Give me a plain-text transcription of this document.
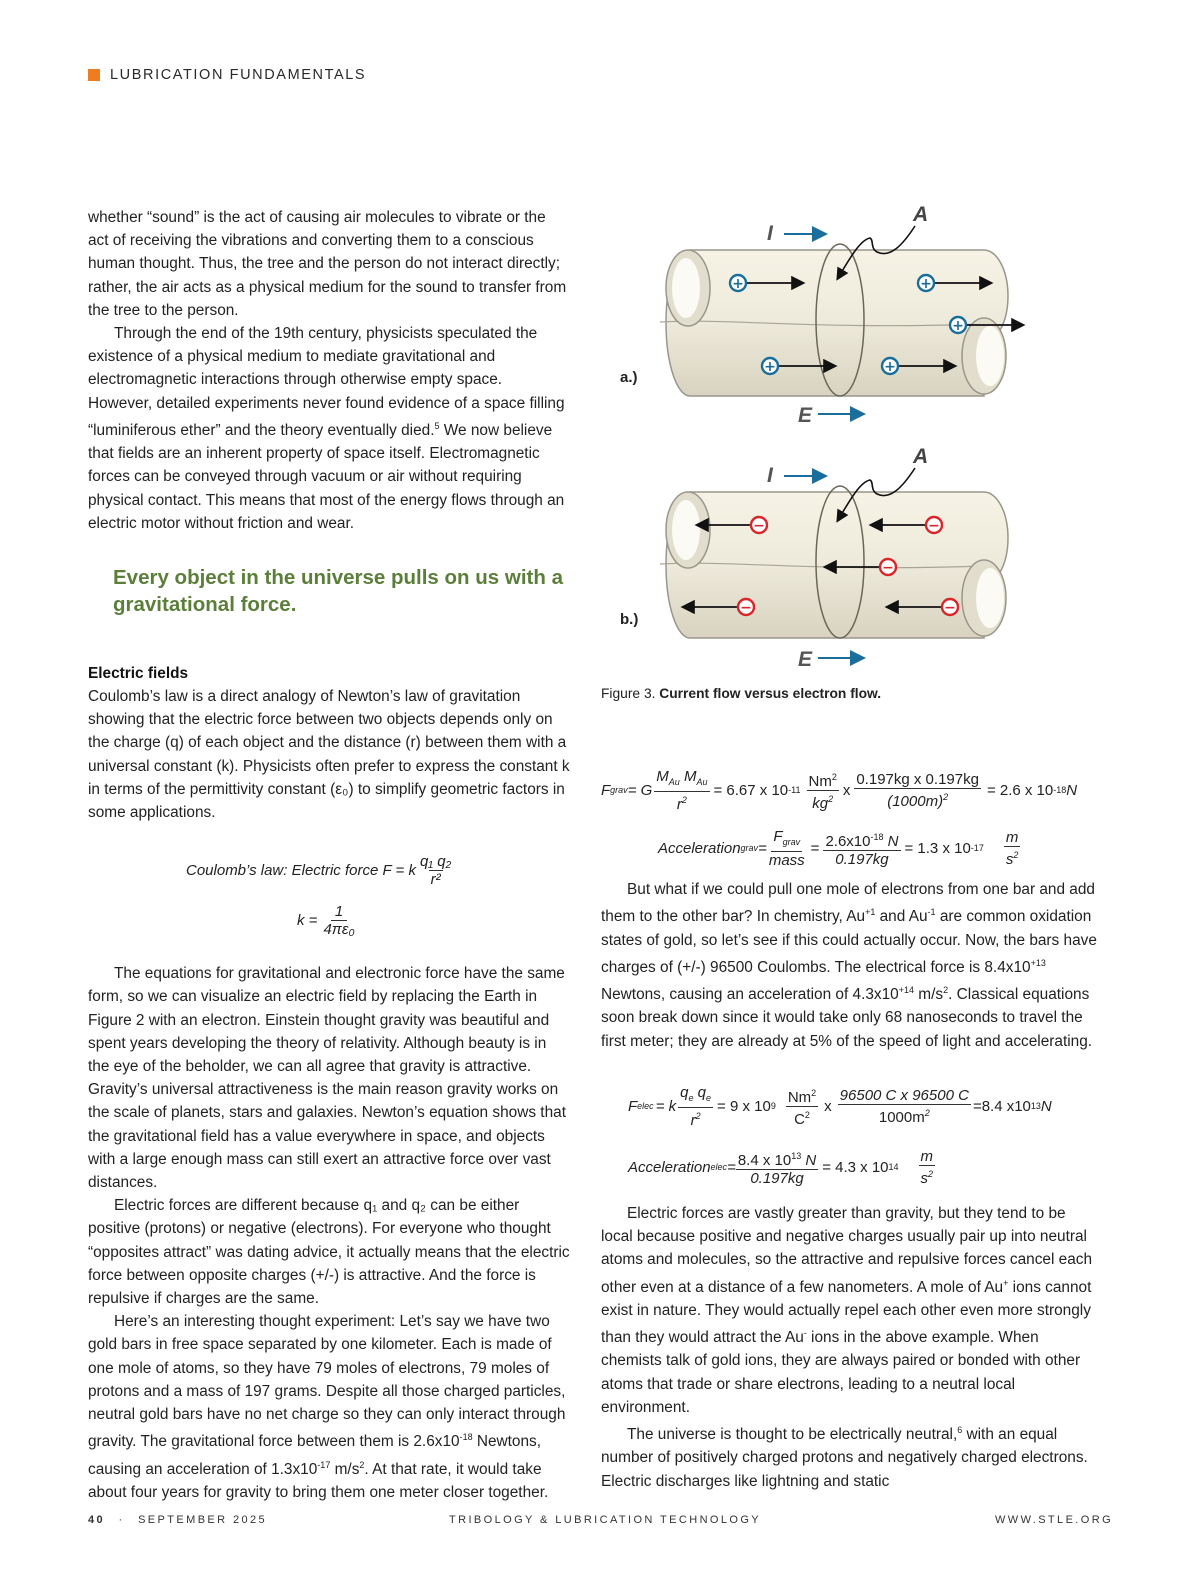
LUBRICATION FUNDAMENTALS

whether “sound” is the act of causing air molecules to vibrate or the act of receiving the vibrations and converting them to a conscious human thought. Thus, the tree and the person do not interact directly; rather, the air acts as a physical medium for the sound to transfer from the tree to the person.

Through the end of the 19th century, physicists speculated the existence of a physical medium to mediate gravitational and electromagnetic interactions through otherwise empty space. However, detailed experiments never found evidence of a space filling “luminiferous ether” and the theory eventually died.$^5$ We now believe that fields are an inherent property of space itself. Electromagnetic forces can be conveyed through vacuum or air without requiring physical contact. This means that most of the energy flows through an electric motor without friction and wear.

Every object in the universe pulls on us with a gravitational force.
Electric fields

Coulomb’s law is a direct analogy of Newton’s law of gravitation showing that the electric force between two objects depends only on the charge (q) of each object and the distance (r) between them with a universal constant (k). Physicists often prefer to express the constant k in terms of the permittivity constant (ε₀) to simplify geometric factors in some applications.

Coulomb’s law: Electric force F = k $\frac{\text{q₁ q₂}}{\text{r²}}$
$k = \frac{1}{\text{4πε₀}}$

The equations for gravitational and electronic force have the same form, so we can visualize an electric field by replacing the Earth in Figure 2 with an electron. Einstein thought gravity was beautiful and spent years developing the theory of relativity. Although beauty is in the eye of the beholder, we can all agree that gravity is attractive. Gravity’s universal attractiveness is the main reason gravity works on the scale of planets, stars and galaxies. Newton’s equation shows that the gravitational field has a value everywhere in space, and objects with a large enough mass can still exert an attractive force over vast distances.

Electric forces are different because q₁ and q₂ can be either positive (protons) or negative (electrons). For everyone who thought “opposites attract” was dating advice, it actually means that the electric force between opposite charges (+/-) is attractive. And the force is repulsive if charges are the same.

Here’s an interesting thought experiment: Let’s say we have two gold bars in free space separated by one kilometer. Each is made of one mole of atoms, so they have 79 moles of electrons, 79 moles of protons and a mass of 197 grams. Despite all those charged particles, neutral gold bars have no net charge so they can only interact through gravity. The gravitational force between them is $2.6x10^{-18}$ Newtons, causing an acceleration of $1.3x10^{-17}$ $m/s^2$. At that rate, it would take about four years for gravity to bring them one meter closer together.

A
I
E
+	+
+
+	+
a.)
A
I
E
−	−
−
−	−
b.)
Figure 3. Current flow versus electron flow.
F grav = G $\frac{M_{Au} M_{Au}}{r^2} = 6.67$ x 10 $-11 \frac{Nm^2}{kg^2}$ x $\frac{\text{0.197kg x 0.197kg}}{(1000m)^2} = 2.6$ x 10 -18 N
Acceleration grav = $\frac{F_{grav}}{\text{mass}} = \frac{2.6x10^{-18} N}{0.197kg} = 1.3$ x 10 $-17 \frac{m}{s^2}$

But what if we could pull one mole of electrons from one bar and add them to the other bar? In chemistry, $Au^{+1}$ and $Au^{-1}$ are common oxidation states of gold, so let’s see if this could actually occur. Now, the bars have charges of (+/-) 96500 Coulombs. The electrical force is $8.4x10^{+13}$ Newtons, causing an acceleration of $4.3x10^{+14}$ $m/s^2$. Classical equations soon break down since it would take only 68 nanoseconds to travel the first meter; they are already at 5% of the speed of light and accelerating.

F elec = k $\frac{q_e q_e}{r^2} = 9$ x 10 $9 \frac{Nm^2}{C^2}$ x $\frac{\text{96500 C x 96500 C}}{1000m^2} =8.4$ x10 13 N
Acceleration elec = $\frac{8.4 x 10^{13} N}{0.197kg} = 4.3$ x 10 $14 \frac{m}{s^2}$

Electric forces are vastly greater than gravity, but they tend to be local because positive and negative charges usually pair up into neutral atoms and molecules, so the attractive and repulsive forces cancel each other even at a distance of a few nanometers. A mole of Au+ ions cannot exist in nature. They would actually repel each other even more strongly than they would attract the Au- ions in the above example. When chemists talk of gold ions, they are always paired or bonded with other atoms that trade or share electrons, leading to a neutral local environment.

The universe is thought to be electrically neutral,$^6$ with an equal number of positively charged protons and negatively charged electrons. Electric discharges like lightning and static

40 · SEPTEMBER 2025	TRIBOLOGY & LUBRICATION TECHNOLOGY	WWW.STLE.ORG
